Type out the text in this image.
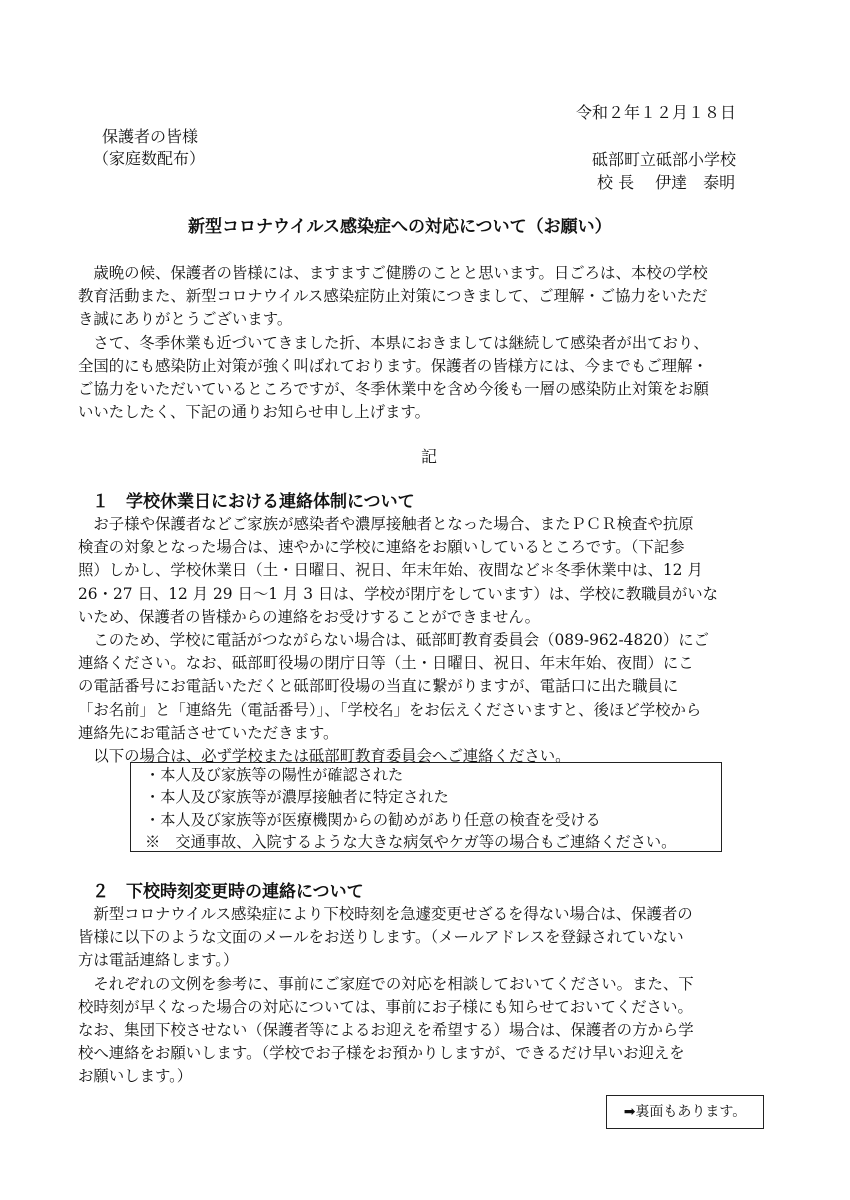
令和２年１２月１８日
保護者の皆様
（家庭数配布）	砥部町立砥部小学校
校 長　 伊達　泰明
新型コロナウイルス感染症への対応について（お願い）

　歳晩の候、保護者の皆様には、ますますご健勝のことと思います。日ごろは、本校の学校

教育活動また、新型コロナウイルス感染症防止対策につきまして、ご理解・ご協力をいただ

き誠にありがとうございます。

　さて、冬季休業も近づいてきました折、本県におきましては継続して感染者が出ており、

全国的にも感染防止対策が強く叫ばれております。保護者の皆様方には、今までもご理解・

ご協力をいただいているところですが、冬季休業中を含め今後も一層の感染防止対策をお願

いいたしたく、下記の通りお知らせ申し上げます。

記
１　学校休業日における連絡体制について

　お子様や保護者などご家族が感染者や濃厚接触者となった場合、またＰＣＲ検査や抗原

検査の対象となった場合は、速やかに学校に連絡をお願いしているところです。（下記参

照）しかし、学校休業日（土・日曜日、祝日、年末年始、夜間など＊冬季休業中は、12 月

26・27 日、12 月 29 日～1 月 3 日は、学校が閉庁をしています）は、学校に教職員がいな

いため、保護者の皆様からの連絡をお受けすることができません。

　このため、学校に電話がつながらない場合は、砥部町教育委員会（089-962-4820）にご

連絡ください。なお、砥部町役場の閉庁日等（土・日曜日、祝日、年末年始、夜間）にこ

の電話番号にお電話いただくと砥部町役場の当直に繋がりますが、電話口に出た職員に

「お名前」と「連絡先（電話番号）」、「学校名」をお伝えくださいますと、後ほど学校から

連絡先にお電話させていただきます。

　以下の場合は、必ず学校または砥部町教育委員会へご連絡ください。

・本人及び家族等の陽性が確認された

・本人及び家族等が濃厚接触者に特定された

・本人及び家族等が医療機関からの勧めがあり任意の検査を受ける

※　交通事故、入院するような大きな病気やケガ等の場合もご連絡ください。

２　下校時刻変更時の連絡について

　新型コロナウイルス感染症により下校時刻を急遽変更せざるを得ない場合は、保護者の

皆様に以下のような文面のメールをお送りします。（メールアドレスを登録されていない

方は電話連絡します。）

　それぞれの文例を参考に、事前にご家庭での対応を相談しておいてください。また、下

校時刻が早くなった場合の対応については、事前にお子様にも知らせておいてください。

なお、集団下校させない（保護者等によるお迎えを希望する）場合は、保護者の方から学

校へ連絡をお願いします。（学校でお子様をお預かりしますが、できるだけ早いお迎えを

お願いします。）

➡裏面もあります。
